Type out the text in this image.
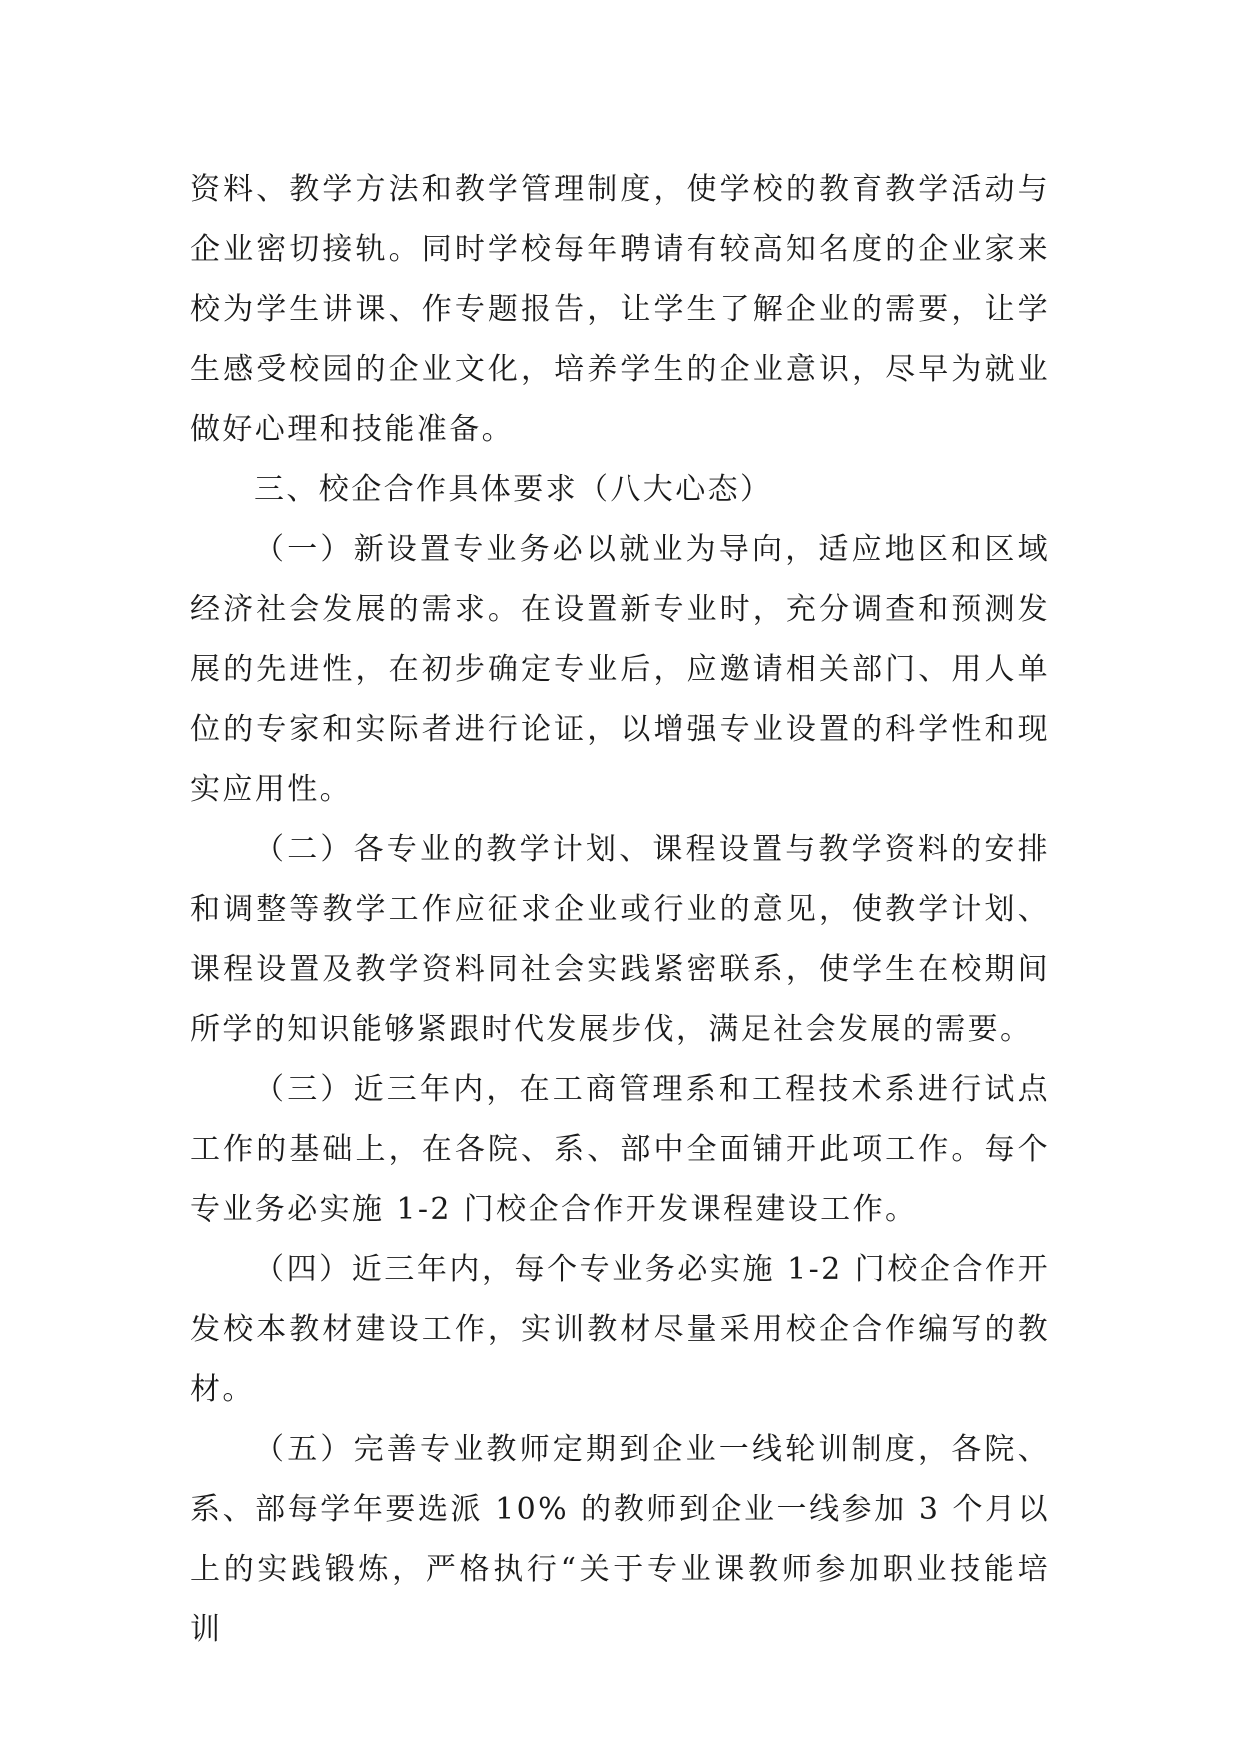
资料、教学方法和教学管理制度，使学校的教育教学活动与企业密切接轨。同时学校每年聘请有较高知名度的企业家来校为学生讲课、作专题报告，让学生了解企业的需要，让学生感受校园的企业文化，培养学生的企业意识，尽早为就业做好心理和技能准备。

三、校企合作具体要求（八大心态）

（一）新设置专业务必以就业为导向，适应地区和区域经济社会发展的需求。在设置新专业时，充分调查和预测发展的先进性，在初步确定专业后，应邀请相关部门、用人单位的专家和实际者进行论证，以增强专业设置的科学性和现实应用性。

（二）各专业的教学计划、课程设置与教学资料的安排和调整等教学工作应征求企业或行业的意见，使教学计划、课程设置及教学资料同社会实践紧密联系，使学生在校期间所学的知识能够紧跟时代发展步伐，满足社会发展的需要。

（三）近三年内，在工商管理系和工程技术系进行试点工作的基础上，在各院、系、部中全面铺开此项工作。每个专业务必实施 1-2 门校企合作开发课程建设工作。

（四）近三年内，每个专业务必实施 1-2 门校企合作开发校本教材建设工作，实训教材尽量采用校企合作编写的教材。

（五）完善专业教师定期到企业一线轮训制度，各院、系、部每学年要选派 10% 的教师到企业一线参加 3 个月以上的实践锻炼，严格执行“关于专业课教师参加职业技能培训
